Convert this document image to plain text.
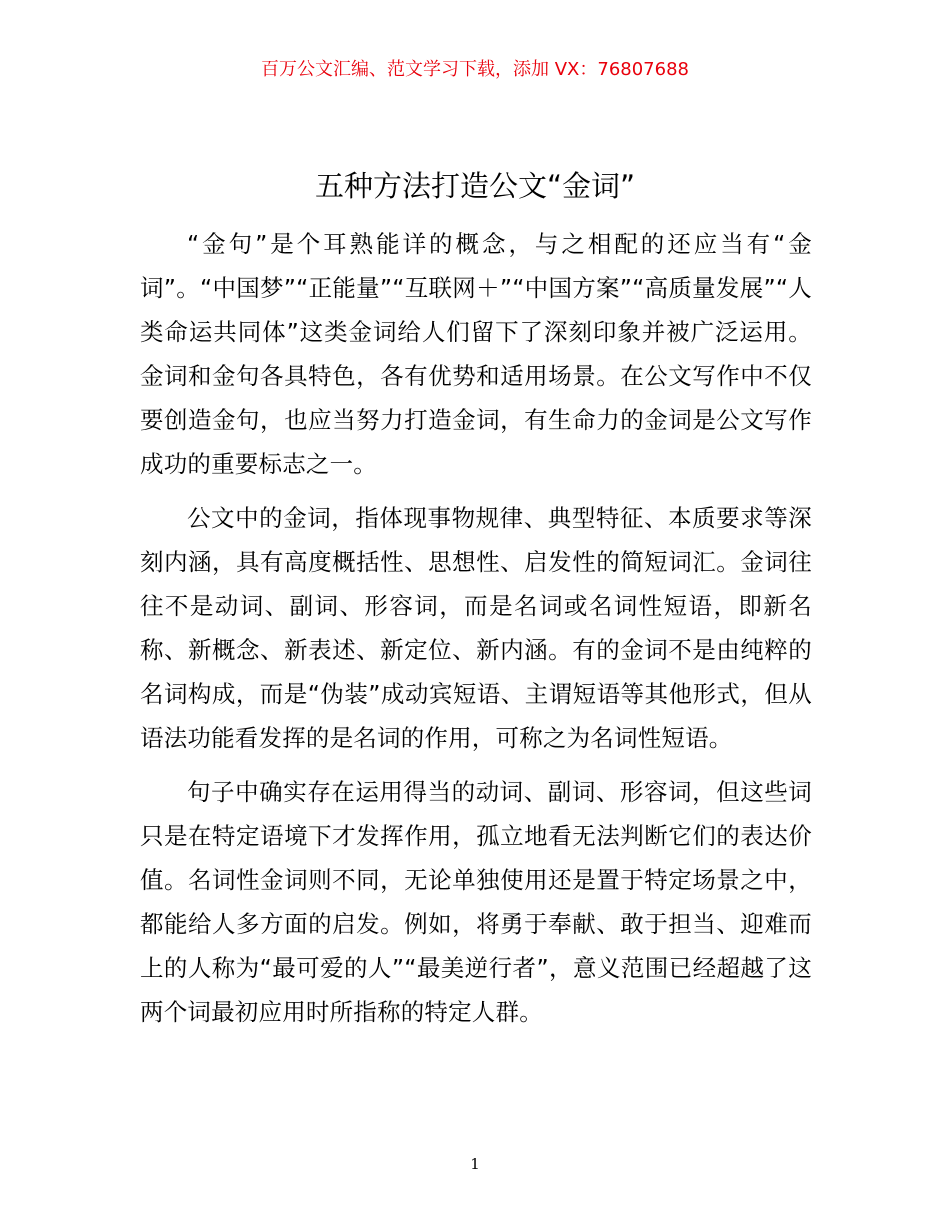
百万公文汇编、范文学习下载，添加 VX：76807688

五种方法打造公文“金词”

“金句”是个耳熟能详的概念，与之相配的还应当有“金词”。“中国梦”“正能量”“互联网＋”“中国方案”“高质量发展”“人类命运共同体”这类金词给人们留下了深刻印象并被广泛运用。金词和金句各具特色，各有优势和适用场景。在公文写作中不仅要创造金句，也应当努力打造金词，有生命力的金词是公文写作成功的重要标志之一。

公文中的金词，指体现事物规律、典型特征、本质要求等深刻内涵，具有高度概括性、思想性、启发性的简短词汇。金词往往不是动词、副词、形容词，而是名词或名词性短语，即新名称、新概念、新表述、新定位、新内涵。有的金词不是由纯粹的名词构成，而是“伪装”成动宾短语、主谓短语等其他形式，但从语法功能看发挥的是名词的作用，可称之为名词性短语。

句子中确实存在运用得当的动词、副词、形容词，但这些词只是在特定语境下才发挥作用，孤立地看无法判断它们的表达价值。名词性金词则不同，无论单独使用还是置于特定场景之中，都能给人多方面的启发。例如，将勇于奉献、敢于担当、迎难而上的人称为“最可爱的人”“最美逆行者”，意义范围已经超越了这两个词最初应用时所指称的特定人群。

1
